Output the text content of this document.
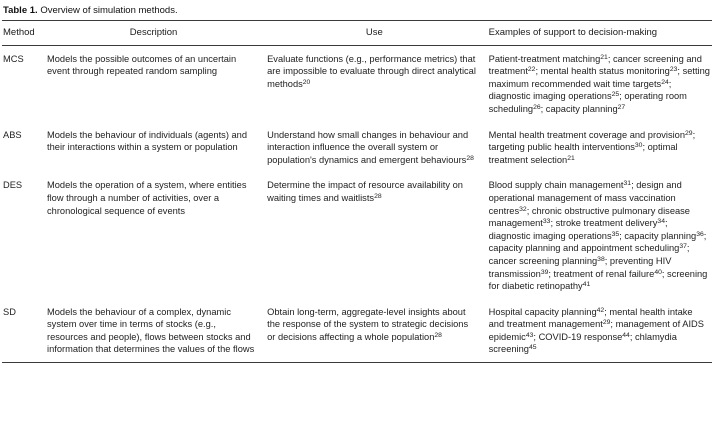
Table 1. Overview of simulation methods.
Method	Description	Use	Examples of support to decision-making
MCS	Models the possible outcomes of an uncertain event through repeated random sampling	Evaluate functions (e.g., performance metrics) that are impossible to evaluate through direct analytical methods$^{20}$	Patient-treatment matching$^{21}$; cancer screening and treatment$^{22}$; mental health status monitoring$^{23}$; setting maximum recommended wait time targets$^{24}$; diagnostic imaging operations$^{25}$; operating room scheduling$^{26}$; capacity planning$^{27}$
ABS	Models the behaviour of individuals (agents) and their interactions within a system or population	Understand how small changes in behaviour and interaction influence the overall system or population's dynamics and emergent behaviours$^{28}$	Mental health treatment coverage and provision$^{29}$; targeting public health interventions$^{30}$; optimal treatment selection$^{21}$
DES	Models the operation of a system, where entities flow through a number of activities, over a chronological sequence of events	Determine the impact of resource availability on waiting times and waitlists$^{28}$	Blood supply chain management$^{31}$; design and operational management of mass vaccination centres$^{32}$; chronic obstructive pulmonary disease management$^{33}$; stroke treatment delivery$^{34}$; diagnostic imaging operations$^{35}$; capacity planning$^{36}$; capacity planning and appointment scheduling$^{37}$; cancer screening planning$^{38}$; preventing HIV transmission$^{39}$; treatment of renal failure$^{40}$; screening for diabetic retinopathy$^{41}$
SD	Models the behaviour of a complex, dynamic system over time in terms of stocks (e.g., resources and people), flows between stocks and information that determines the values of the flows	Obtain long-term, aggregate-level insights about the response of the system to strategic decisions or decisions affecting a whole population$^{28}$	Hospital capacity planning$^{42}$; mental health intake and treatment management$^{29}$; management of AIDS epidemic$^{43}$; COVID-19 response$^{44}$; chlamydia screening$^{45}$
